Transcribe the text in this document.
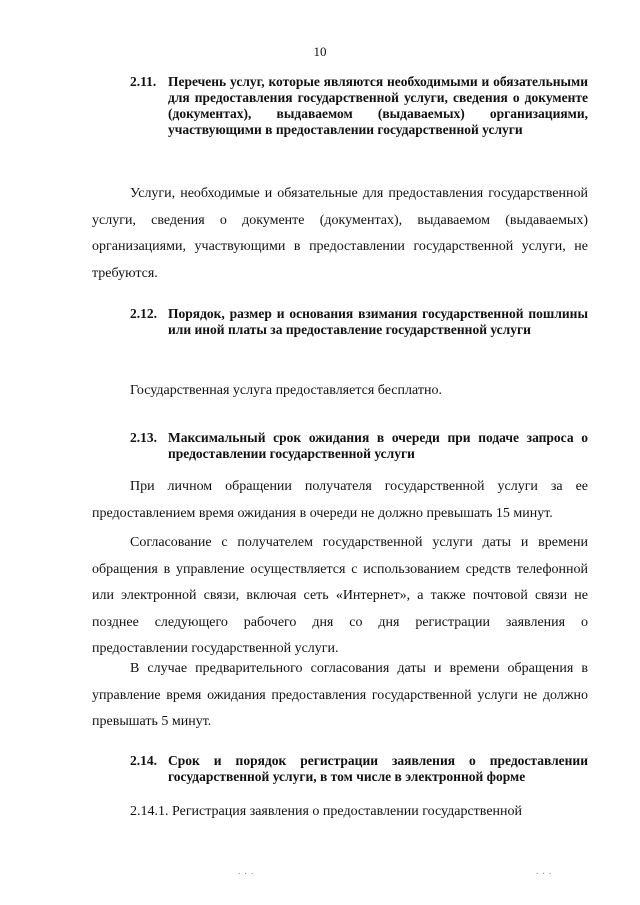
10
2.11. Перечень услуг, которые являются необходимыми и обязательными для предоставления государственной услуги, сведения о документе (документах), выдаваемом (выдаваемых) организациями, участвующими в предоставлении государственной услуги
Услуги, необходимые и обязательные для предоставления государственной услуги, сведения о документе (документах), выдаваемом (выдаваемых) организациями, участвующими в предоставлении государственной услуги, не требуются.
2.12. Порядок, размер и основания взимания государственной пошлины или иной платы за предоставление государственной услуги
Государственная услуга предоставляется бесплатно.
2.13. Максимальный срок ожидания в очереди при подаче запроса о предоставлении государственной услуги
При личном обращении получателя государственной услуги за ее предоставлением время ожидания в очереди не должно превышать 15 минут.
Согласование с получателем государственной услуги даты и времени обращения в управление осуществляется с использованием средств телефонной или электронной связи, включая сеть «Интернет», а также почтовой связи не позднее следующего рабочего дня со дня регистрации заявления о предоставлении государственной услуги.
В случае предварительного согласования даты и времени обращения в управление время ожидания предоставления государственной услуги не должно превышать 5 минут.
2.14. Срок и порядок регистрации заявления о предоставлении государственной услуги, в том числе в электронной форме
2.14.1. Регистрация заявления о предоставлении государственной
. . .	. . .
